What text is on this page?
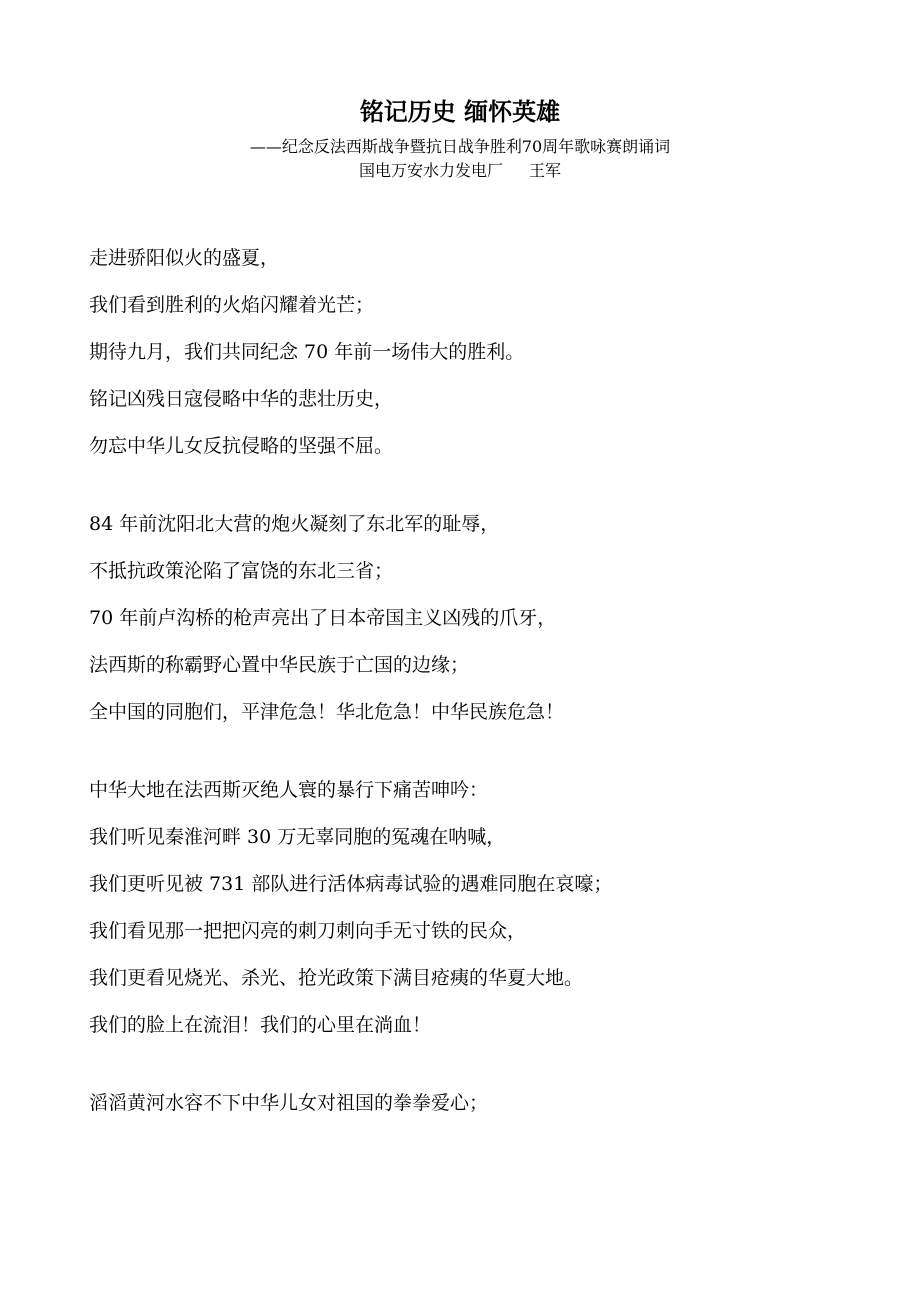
铭记历史 缅怀英雄
——纪念反法西斯战争暨抗日战争胜利70周年歌咏赛朗诵词
国电万安水力发电厂 王军
走进骄阳似火的盛夏，
我们看到胜利的火焰闪耀着光芒；
期待九月，我们共同纪念 70 年前一场伟大的胜利。
铭记凶残日寇侵略中华的悲壮历史，
勿忘中华儿女反抗侵略的坚强不屈。
84 年前沈阳北大营的炮火凝刻了东北军的耻辱，
不抵抗政策沦陷了富饶的东北三省；
70 年前卢沟桥的枪声亮出了日本帝国主义凶残的爪牙，
法西斯的称霸野心置中华民族于亡国的边缘；
全中国的同胞们，平津危急！华北危急！中华民族危急！
中华大地在法西斯灭绝人寰的暴行下痛苦呻吟：
我们听见秦淮河畔 30 万无辜同胞的冤魂在呐喊，
我们更听见被 731 部队进行活体病毒试验的遇难同胞在哀嚎；
我们看见那一把把闪亮的刺刀刺向手无寸铁的民众，
我们更看见烧光、杀光、抢光政策下满目疮痍的华夏大地。
我们的脸上在流泪！我们的心里在淌血！
滔滔黄河水容不下中华儿女对祖国的拳拳爱心；
